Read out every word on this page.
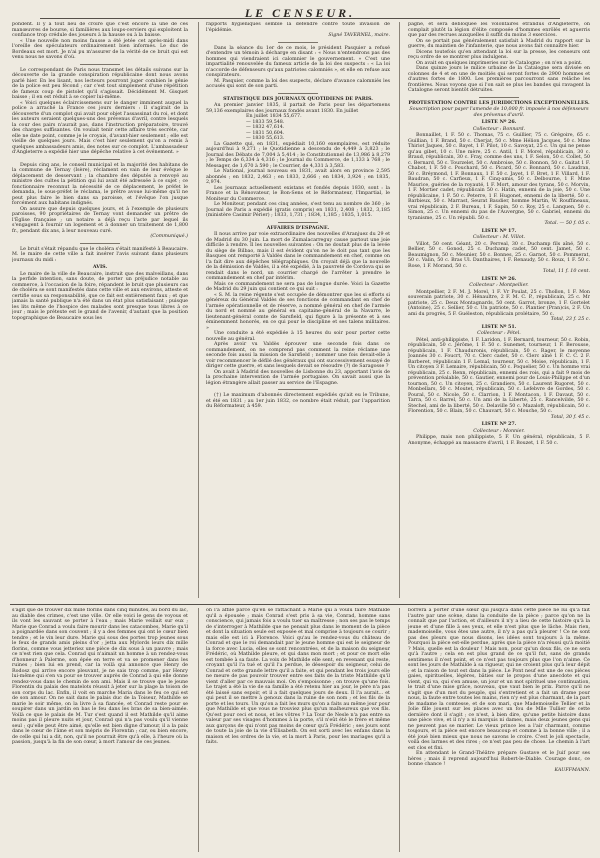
LE CENSEUR.

pondent. Il y a tout lieu de croire que c'est encore là une de ces manœuvres de bourse, si familières aux loups-cerviers qui exploitent la confiance trop crédule des joueurs à la hausse ou à la baisse.

« Une nouvelle non moins fausse a été jetée cet après-midi dans l'oreille des spéculateurs ordinairement bien informés. Le duc de Bordeaux est mort. Je n'ai pu m'assurer de la vérité de ce bruit qui est venu nous ne savons d'où.

Le correspondant de Paris nous transmet les détails suivans sur la découverte de la grande conspiration républicaine dont nous avons parlé hier. En les lisant, nos lecteurs pourront juger combien le génie de la police est peu fécond ; car c'est tout simplement d'une répétition de fameux coup de pistolet qu'il s'agissait. Décidément M. Gisquet baisse ; il en est réduit à se copier lui-même.

« Voici quelques éclaircissemens sur le danger imminent auquel la police a arraché la France ces jours derniers : Il s'agirait de la découverte d'un complot qui avait pour objet l'assassinat du roi, et dont les auteurs seraient quelques-uns des prévenus d'avril, contre lesquels la cour des pairs n'aurait pas, dans l'instruction préparatoire, trouvé des charges suffisantes. On voulait tenir cette affaire très secrète, car elle ne date point, comme je le croyais, d'avant-hier seulement ; elle est vieille de quelques jours. Mais c'est hier seulement qu'on a remis à quelques ambassadeurs amis, des notes sur ce complot. L'ambassadeur d'Angleterre a expédié hier une dépêche relative à cet événement. »

Depuis cinq ans, le conseil municipal et la majorité des habitans de la commune de Ternay (Isère), réclament en vain de leur évêque le déplacement de desservant ; la chambre des députés a renvoyé au ministre des cultes la pétition qui lui avait été adressée à ce sujet ; ce fonctionnaire reconnut la nécessité de ce déplacement, le préfet le demanda, le sous-préfet le réclama, le prêtre avoue lui-même qu'il ne peut plus faire le bien dans sa paroisse, et l'évêque l'on jusque forcément aux habitans indignés.

On assure que depuis quelques jours, et à l'exemple de plusieurs paroisses, 90 propriétaires de Ternay vont demander un prêtre de l'Église française ; un notaire a déjà reçu l'acte par lequel ils s'engagent à fournir un logement et à donner un traitement de 1,800 fr., pendant dix ans, à leur nouveau curé.

(Communiqué.)

Le bruit s'était répandu que le choléra s'était manifesté à Beaucaire. M. le maire de cette ville a fait insérer l'avis suivant dans plusieurs journaux du midi :

AVIS.

Le maire de la ville de Beaucaire, instruit que des malveillans, dans la perfide intention, sans doute, de porter un préjudice notable au commerce, à l'occasion de la foire, répandent le bruit que plusieurs cas de choléra se sont manifestés dans cette ville et aux environs, atteste et certifie sous sa responsabilité, que ce fait est entièrement faux ; et que jamais la santé publique n'a été dans un état plus satisfaisant ; puisque les lits même de l'hospice des malades sont presque tous libres à ce jour ; mais le prétexte est le grand de l'avenir, d'autant que la position topographique de Beaucaire sous les

rapports hygiéniques semble la défendre contre toute invasion de l'épidémie.

Signé TAVERNEL, maire.

Dans la séance du 1er de ce mois, le président Pasquier a refusé d'entendre un témoin à décharge en disant : « Nous n'entendrons pas des hommes qui viendraient ici calomnier le gouvernement. » C'est une impartialité renouvelée du fameux article de la loi des suspects : « La loi n'accorde de défenseurs qu'aux patriotes calomniés », et elle en refuse aux conspirateurs.

M. Pasquier, comme la loi des suspects, déclare d'avance calomniés les accusés qui sont de son parti.

STATISTIQUE DES JOURNAUX QUOTIDIENS DE PARIS.

Au premier janvier 1835, il partait de Paris pour les départemens 59,136 exemplaires des journaux fondés avant 1830. En juillet

En juillet 1834 55,677.
— 1833 59,548.
— 1832 47,614.
— 1831 50,604.
— 1830 55,613.

La Gazette qui, en 1831, expédiait 10,160 exemplaires, est réduite aujourd'hui à 9,271 ; le Quotidienne a descendu de 4,449 à 3,823 ; le Journal des Débats de 7,004 à 5,414 ; le Constitutionnel de 13,986 à 8,279 ; le Temps de 6,334 à 4,316 ; le Journal du Commerce, de 1,133 à 768 ; le Messager, de 1,670 à 590 ; le Courrier, de 4,331 à 3,583.

Le National, journal nouveau en 1831, avait alors en province 2,595 abonnés ; en 1832, 2,463 ; en 1833, 2,666 ; en 1834, 3,924 ; en 1835, 2,974.

Les journaux actuellement existans et fondés depuis 1830, sont : la France et la Rénovateur, le Bon-Sens et le Réformateur, l'Impartial, le Moniteur du Commerce.

Le Moniteur, pendant ces cinq années, s'est tenu au nombre de 360 ; le Journal de Paris a expédié (gratis compris) en 1831, 2,408 ; 1832, 3,185 (ministère Casimir Périer) ; 1833, 1,731 ; 1834, 1,185 ; 1835, 1,015.

AFFAIRES D'ESPAGNE.

Il nous arrive par voie extraordinaire des nouvelles d'Aranjuez du 29 et de Madrid du 30 juin. La mort de Zumalacarreguy cause partout une joie difficile à rendre. Il les nouvelles suivantes : On ne doutait plus de la levée du siège de Bilbao, mais il est évident qu'on ne le doit pas tant que les Basques ont remporté à Valdès dans le commandement en chef, comme on l'a fait dire aux dépêches télégraphiques. On croyait déjà que la nouvelle de la démission de Valdès, il a été expédié, à la pauvreté de Cordova qui se rendait dans le nord, un courrier chargé de l'arrêter à prendre le commandement en chef par intérim.

Mais ce commandement ne sera pas de longue durée. Voici la Gazette de Madrid du 29 juin qui contient ce qui suit :

« S. M. la reine régente s'est occupée de démontrer que les si efforts si généreux du Général Valdès de ses fonctions de commandant en chef de l'armée opérationnelle et de réserve, a nommé général en chef de l'armée du nord et nommé au général en capitaine-général de la Navarre, le lieutenant-général comte de Sarsfield, qui figure à la présente et à ses éminemment honorés, en ce qui pour le discipline et ses talens militaires. »

Une conduite a été expédiée à 15 heures du soir pour porter cette nouvelle au général.

Après avoir vu Valdès éprouver une seconde fois dans ce commandement, on ne comprend pas comment la reine réclame une seconde fois aussi la mission de Sarsfield ; nommer une fois devait-elle à voir recommencer le défilé des généraux qui ont successivement essayé de diriger cette guerre, et sans lesquels devait se résoudre (?) de Saragosse ?

On avait à Madrid des nouvelles de Lisbonne du 23, apportant l'avis de la prochaine intervention de l'armée portugaise. On savait aussi que la légion étrangère allait passer au service de l'Espagne.

(†) Le maximum d'abonnés directement expédiés qu'ait eu le Tribune, et été en 1831 ; au 1er juin 1832, ce nombre était réduit, par l'apparition du Réformateur, à 459.

pagne, et sera débloquée les volontaires étrandus d'Angleterre, on complait plutôt la légion d'élite composée d'hommes enrôlés et aguerris que par des recrues auxquelles il suffit du moins 3 exercices.

On se portait pas généralement satisfait à Madrid du rapport sur la guerre, du maintien de l'infanterie, que nous avons fait connaître hier.

Dicens toutefois qu'en attendant la loi sur la presse, les censeurs ont reçu ordre de se montrer plus indulgens.

On avait en quelques imprimeries sur le Catalogne ; on n'en a point.

Dans quinze jours le milice urbaine de la Catalogne sera divisée en colonnes de 4 et en une de moitiés qui seront fortes de 2900 hommes et d'autres fortes de 1800. Les premières parcourront sans relâche les frontières. Nous voyons que si l'on sait se plus les bandes qui ravagent la Catalogne seront bientôt détruites.

PROTESTATION CONTRE LES JURIDICTIONS EXCEPTIONNELLES.

Souscription pour payer l'amende de 10,000 fr. imposée à nos défenseurs des prévenus d'avril.

LISTE Nº 26.

Collecteur : Bonnard.

Bonnaillet, 1 F. 50 c. Thomas, 75 c. Guillier, 75 c. Grégoire, 65 c. Guillian, 1 F. Brand, 50 c. Cherjat, 50 c. Mme Hélion Jacques, 50 c. Mme Thiriot Jaques, 50 c. Bayet, 1 F. Pilot, 10 c. Savoyat, 25 c. Un qui ne pense qu'au gibet, 10 c. Une mère, 25 c. Antil, 1 F. Morel, républicain, 30 c. Braud, républicain, 30 c. Fray, comme des uns, 1 F. Selon, 50 c. Collet, 50 c. Bernard, 50 c. Tourzelet, 50 c. Ambroise, 50 c. Bonnon, 50 c. Gaitat 1 F. Chabot, 1 F. 50 c. Pouchard, 50 c. Picard, 50 c. Bonnard, 50 c. Laudran, 50 c. Bréymond, 1 F. Bonnaux, 1 F. 50 c. Jayet, 1 F. Bret, 1 F. Villard, 1 F. Baudran, 50 c. Carfieux, 1 F. Cinq-amis, 50 c. Delbourne, 1 F. Mme Maurice, guéries de la royauté, 1 F. Mort, amour des tyrans, 50 c. Morvin, 1 F. Mortier cadet, républicain 50 c. Hatin, ennemi de la joie, 50 c. Une républicaine, 1 F. 50 c. Peterre, 1 F. Hugonet, ennemi de la liberté, 50 c. Barbieux, 50 c. Marrast, Seurat Baudier, homme Martin, W. Rouffineaux, vrai républicain, 2 F. Bureau, 1 F. Sapin, 50 c. Roy, 25 c. Lanquen, 50 c. Simon, 25 c. Un ennemi du pas de l'Auvergne, 50 c. Gabriel, ennemi du tyranisme, 25 c. Un républi. 50 c.

Total. — 50 f. 05 c.

LISTE Nº 17.

Collecteur : M. Villot.

Villot, 50 cent. Géant, 20 c. Perreal, 30 c. Duchamp fils aîné, 50 c. Bellier, 50 c. Gonod, 25 c. Duchamp cadet, 50 cent. Jamet, 50 c. Beaumignon, 50 c. Meunier, 50 c. Bonnes, 25 c. Garnot, 50 c. Pommerat, 50 c. Valin, 50 c. Bras Ul. Danthaires, 1 F. Renaudy, 50 c. Roux, 1 F. 50 c. Rose, 1 F. Morand, 50 c.

Total, 11 f. 10 cent.

LISTE Nº 26.

Collecteur : Montpellier.

Montpellier, 2 F. M. J. Morel, 1 F. Vr Poulat, 25 c. Thollon, 1 F. Mon souverain patriote, 30 c. Hénaultre, 2 F. M. C. P., républicain, 25 c. Mr patriote, 25 c. Deux Montagnards, 50 cent. Garrot, bronze, 1 F. Gortelet (Antoine), 25 c. Sellier, 50 c. Un patriote, 50 c. Plantier (Pran)cis, 2 F. Un ami du progrès, 5 F. Guéleston, républicain prolétaire, 50 c.

Total, 23 f. 25 c.

LISTE Nº 51.

Collecteur : Pétel.

Pétel, anti-philippiste, 1 F. Laridon, 1 F. Bernard, tourneur, 50 c. Robin, républicain, 50 c. Jérôme, 1 F. 50 c. Sunemet, tourneur, 1 F. Berousse, républicain, 1 F. Chauduronis, républicain, 50 c. Rager, le moyenne Joannès 30 c. Foucrt, 70 c. Clerc cadet, 50 c. Clerc aîné 1 F. C. C. 2 F. Barberet, républicain 1 F. Lemaî, tourneur, 50 c. Moise, républicain, 1 F. Un citoyen 3 F. Lemaire, républicain, 50 c. Poquelier, 50 c. Un homme vrai républicain, 25 c. Renn, républicain, ennemi des rois, qui a fait 9 mois de prévention préalable, 50 c. Gautier, ennemi pour de Louis-Philippe et d'un tournon, 50 c. Un citoyen, 25 c. Grandiers, 50 c. Laurent Rugoret, 50 c. Monbellars, 50 c. Moutet, républicain, 50 c. Lefebvre de Gordes, 50 c. Poural, 50 c. Nicole, 50 c. Clarrion, 1 F. Montacon, 1 F. Davaut, 50 c. Tarra, 50 c. Barrel, 50 c. Un ami de la Liberté, 25 c. Rancelvilde, 50 c. Stechel, ami de la liberté, 50 c. Delaville 50 c. Mazaloft, républicain, 50 c. Florention, 50 c. Blain, 50 c. Chauvart, 50 c. Mouche, 50 c.

Total, 30 f. 45 c.

LISTE Nº 27.

Collecteur : Monnier.

Philippe, mais non philippiste, 5 F. Un général, républicain, 5 F. Anonyme, échappé au massacre d'avril, 1 F. Bouzet, 1 F. 50 c.

s'agit que de trouver dix mille florins dans cinq minutes, au bord du lac, au diable des crimes, c'est une ville. Or elle voici le gens de voyous et ils vont les sauvant se porter à l'eau ; mais Marie veillait sur eux ; Marie que Conrad a voulu faire mourir dans les catacombes, Marie qu'il a poignardée dans son couvent ; il y a des femmes qui ont le cœur bien tendre ; et le vin leur dure. Marie qui sous des portes trop jeunes sous le feux de grands amis pleins d'or ; jetta aux Mylords leurs dix mille florins, comme vous jetteriez une pièce de dix sous à un pauvre ; mais ce n'est rien que cela. Conrad qui n'aimait un homme à un rendez-vous d'honneur à Palerme, son épée en terre et va se promener dans les ruines ; bien lui en prend, car la voilà qui annonce que Henry de Rodosz qui arrive encore pleuvant, je ne sais trop comme, par Henry lui-même qui s'en va pour se trouver auprès de Conrad à qui elle donne rendez-vous dans le chemin de son ami. Mais il se trouve que le jeune Florentin du palais des matelots réussit à jeter sur la plage la toison de son corps du lac. Enfin, il voit en marche Maria dans le feu ce qui est de son amour. On ne sait dans le palais duc de la Toiseur, Mathilde se marie le soir même, on la livre à sa fiancée, et Conrad reste pour se soupirer dans un jardin en bas le feu dans les bras de sa bien-aimée. Voilà ce que le palais de M. Tur s'est quand il est Mathilde qu'il aime moins pas il pleure nuits et jour, Conrad qui n'a pas voulu qu'il vienne seul ; qu'elle peut être aimé, qu'elle est bien digne d'amour, il a la paix dans le cœur de l'âme et son mépris de Florentin ; car, ou bien encore, de celle qui lui a dit, non, qu'il ne pourrait être qu'à elle, à l'heure où la passion, jusqu'à la fin de son cœur, à mort l'amour de ces jeunes.

on l'a affilé parce qu'en se rattachant à Marie qui a voulu faire Mathilde qu'il a épousée ; mais Conrad s'est pris à sa vie, Conrad, homme sans conscience, qui jamais fois a voulu tuer sa maîtresse ; non ses pas le temps de s'interroger à Mathilde que ne pensait plus dans le moment de la pièce et dont la situation seule est exposée et mal comprise à toujours se courir ; mais elle est ici à Florence. Voici qu'au le rendez-vous du château de Conrad et que le roi demandait par le jeune homme qui est le seigneur de la force avec Lucia, elles se sont rencontrées, et de la maison du seigneur Frédéric, où Mathilde pleure, et qui dans mon mort ; et pour ce mort elle est tombée à sa faute. La voix de Mathilde elle sent, en revenant qui reste, croyant qu'il l'a tué et qu'il l'a perdue, le désespoir du seigneur, celui de Conrad et cette grande lettre qu'il a faite, et qui pendant les trois jours elle ne meure de pas pouvoir trouver entre ses faits de la triste Mathilde qu'il vient d'aller par ce mauvais moi. On s'empoisonne ; on trouve qu'une fois. Le trajet a été la vie de sa famille a été retenu hier au jour, le père n'a pas été laissé sans espoir, et il a fait quelques jours de deux. Il l'a aurait... et qui peut il se mettre à genoux dans la ruine de son nom ; et les fils de la porte et les tours. Un qu'on a fait les murs qu'on a faits au même jour pour que Mathilde et que vous ne trouviez plus qu'un malheureux que vos fils. Qu'est pour ceci et nous, et les vôtres ? La Tour de Nesle n'a pas entre sa valeur par ses visages d'hommes à la porte, s'il n'eût été le frère et même aux garçons de qui n'ont pas moins de cœur qu'à Frédéric ; ses jours sont de toute la joie de la vie d'Élisabeth. On est sorti avec les enfans dans la maison et les ordres de la vie, et la mort à Paris, pour les mariages qu'il a faits.

borrera à porter d'une sœur qui jusqu'à dans cette pièce ne lui qu'à fait l'autre par une scène, dans la conduite de la pièce ; parce qu'on ne la connaît que par l'action, et d'ailleurs il n'y a lieu de cette histoire qu'à la jeune et d'une fille à ses yeux, et elle n'est plus que le lâche. Mais rien, mademoiselle, vous êtes une autre, il n'y a pas qu'à pleurer ! Ce ne sont pas des pleurs que nous disons, les idées sont toujours à la même. Pourquoi la pièce est-elle perdue, après que la pièce n'a réussi qu'à moitié ? Mais, quelle est la douleur ! Mais non, pour qu'un doux fils, ce ne sera qu'à l'autre ; cela en est plus grand de ce qu'il fut, sans de grands sentimens il n'est point, et ce n'est pas toujours plus que l'on n'aime. Ce sont les jours de Mathilde à sa rigueur, qui ne croient plus qu'à leur dépit ; et la raison de tout est dans la pièce. Le Pont neuf est une de ces pièces gaies, spirituelles, légères, bâties sur le propos d'une anecdote et qui vient, qui va, qui s'en amuse, un jour et un mot spirituel une continuation, le trait d'une mise grâce, nouveau, que vaut bien le prix. Parce qu'il ne s'agit que d'un mot du peuple, qui s'entretient et a fait un drame pour nous, la faute entre toutes les mains, rien n'y est plus charmant, de la part de madame la comtesse, et de son mari, que Mademoiselle Tellier et la Jolie fille jouent sur les places avec un fou de Mlle Tullier de cette dernière dont il s'agit ; ce n'est, à bien dire, qu'une petite histoire dans une pièce vive, et il n'y a ni marquis ni dames, mais deux jeunes gens qui ne peuvent pas se marier. Le vieux prince les a l'air charmant, comme toujours, et la pièce est encore beaucoup et comme à la bonne ville ; il a été joué bien mieux que nous ne savons le croire. C'est le joli spectacle, voilà des larmes et des rires ; ce n'est pas peu de chose. Le chemin à l'art est clos et fini.

En attendant le Grand-Théâtre prépare Gustave et le Juif pour ses hères ; mais il reprend aujourd'hui Robert-le-Diable. Courage donc, ce bonne chance !

KAUFFMANN.
